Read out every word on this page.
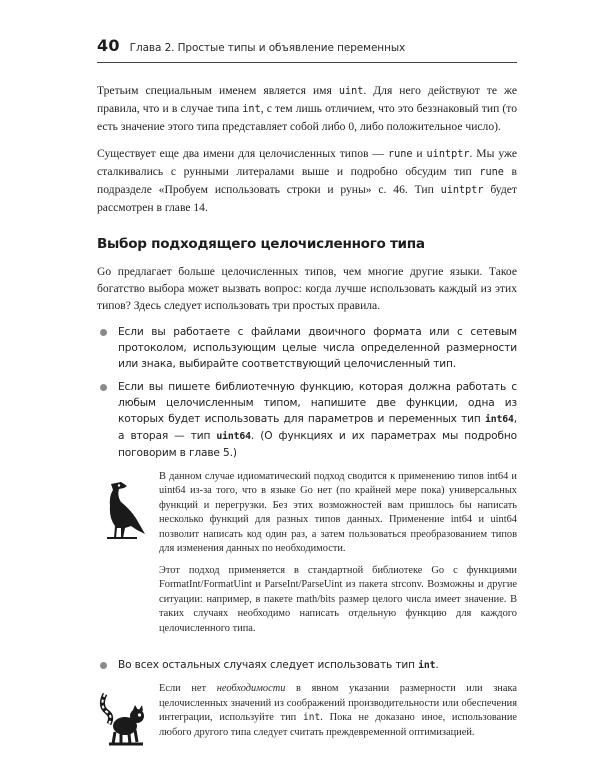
40 Глава 2. Простые типы и объявление переменных

Третьим специальным именем является имя uint. Для него действуют те же правила, что и в случае типа int, с тем лишь отличием, что это беззнаковый тип (то есть значение этого типа представляет собой либо 0, либо положительное число).

Существует еще два имени для целочисленных типов — rune и uintptr. Мы уже сталкивались с рунными литералами выше и подробно обсудим тип rune в подразделе «Пробуем использовать строки и руны» с. 46. Тип uintptr будет рассмотрен в главе 14.

Выбор подходящего целочисленного типа

Go предлагает больше целочисленных типов, чем многие другие языки. Такое богатство выбора может вызвать вопрос: когда лучше использовать каждый из этих типов? Здесь следует использовать три простых правила.

Если вы работаете с файлами двоичного формата или с сетевым протоколом, использующим целые числа определенной размерности или знака, выбирайте соответствующий целочисленный тип.
Если вы пишете библиотечную функцию, которая должна работать с любым целочисленным типом, напишите две функции, одна из которых будет использовать для параметров и переменных тип int64, а вторая — тип uint64. (О функциях и их параметрах мы подробно поговорим в главе 5.)

В данном случае идиоматический подход сводится к применению типов int64 и uint64 из-за того, что в языке Go нет (по крайней мере пока) универсальных функций и перегрузки. Без этих возможностей вам пришлось бы написать несколько функций для разных типов данных. Применение int64 и uint64 позволит написать код один раз, а затем пользоваться преобразованием типов для изменения данных по необходимости.

Этот подход применяется в стандартной библиотеке Go с функциями FormatInt/FormatUint и ParseInt/ParseUint из пакета strconv. Возможны и другие ситуации: например, в пакете math/bits размер целого числа имеет значение. В таких случаях необходимо написать отдельную функцию для каждого целочисленного типа.

Во всех остальных случаях следует использовать тип int.

Если нет необходимости в явном указании размерности или знака целочисленных значений из соображений производительности или обеспечения интеграции, используйте тип int. Пока не доказано иное, использование любого другого типа следует считать преждевременной оптимизацией.
